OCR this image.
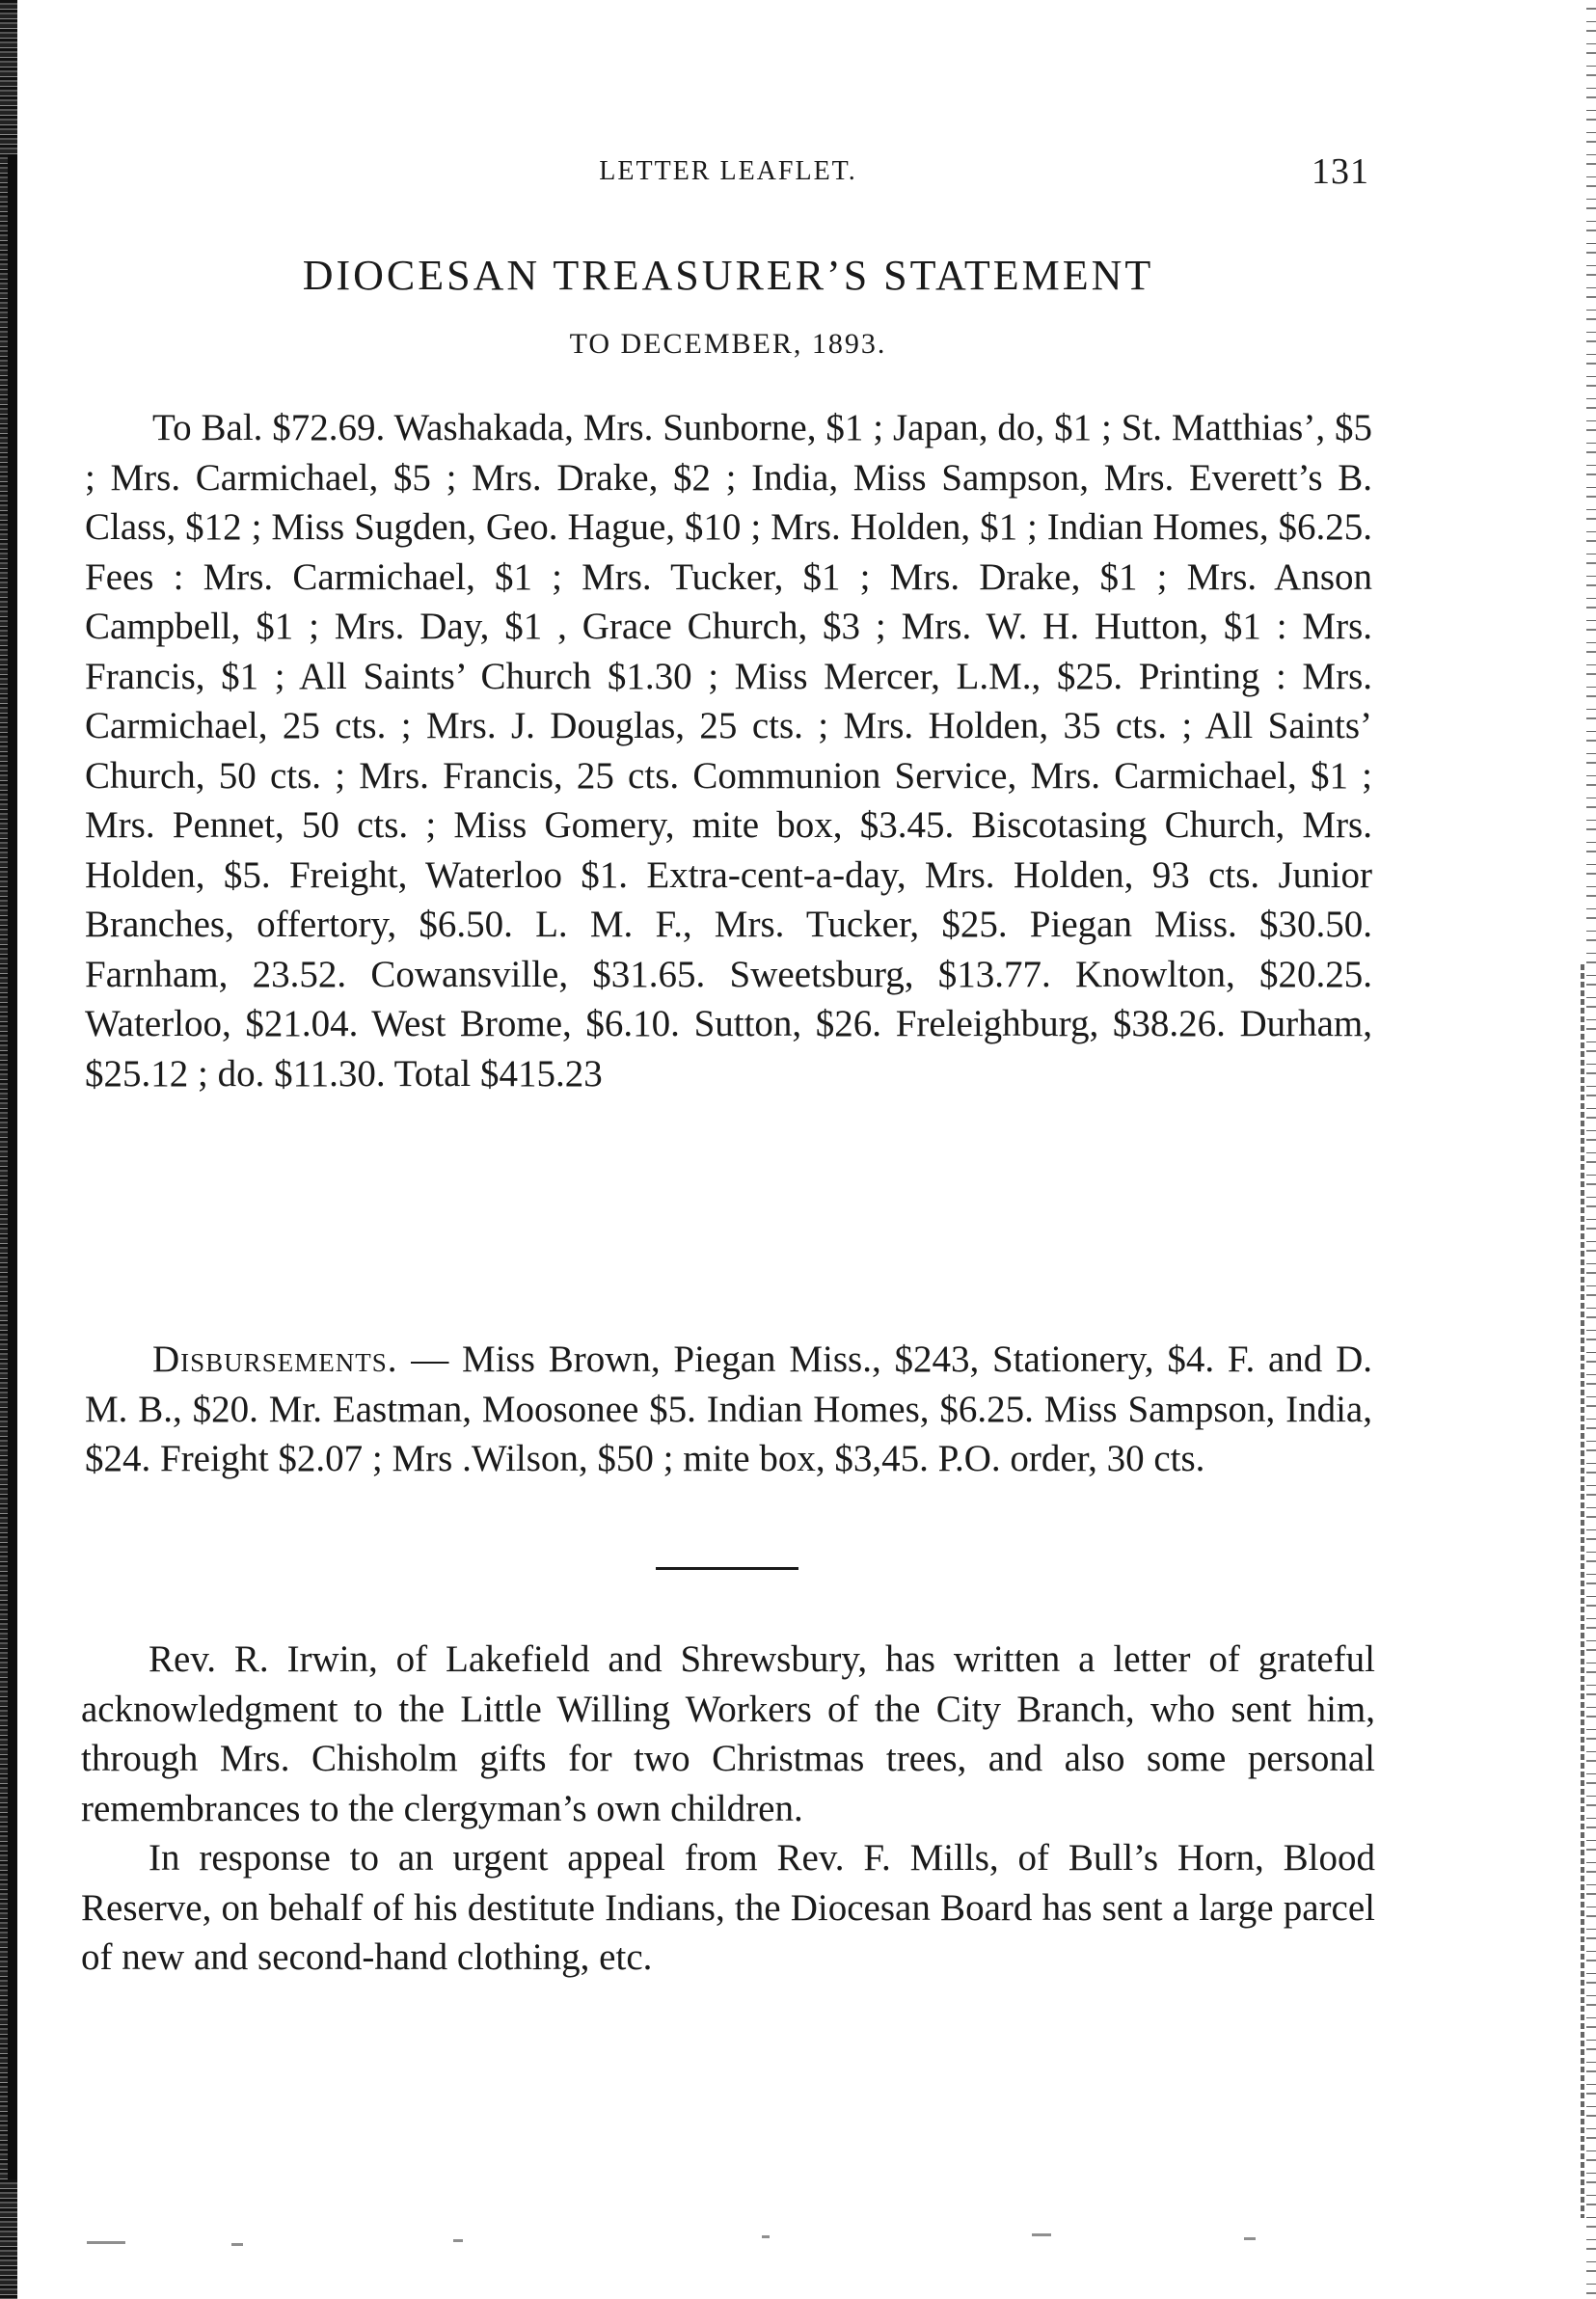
LETTER LEAFLET.	131
DIOCESAN TREASURER’S STATEMENT
TO DECEMBER, 1893.

To Bal. $72.69. Washakada, Mrs. Sunborne, $1 ; Japan, do, $1 ; St. Matthias’, $5 ; Mrs. Carmichael, $5 ; Mrs. Drake, $2 ; India, Miss Sampson, Mrs. Everett’s B. Class, $12 ; Miss Sugden, Geo. Hague, $10 ; Mrs. Holden, $1 ; Indian Homes, $6.25. Fees : Mrs. Carmichael, $1 ; Mrs. Tucker, $1 ; Mrs. Drake, $1 ; Mrs. Anson Campbell, $1 ; Mrs. Day, $1 , Grace Church, $3 ; Mrs. W. H. Hutton, $1 : Mrs. Francis, $1 ; All Saints’ Church $1.30 ; Miss Mercer, L.M., $25. Printing : Mrs. Carmichael, 25 cts. ; Mrs. J. Douglas, 25 cts. ; Mrs. Holden, 35 cts. ; All Saints’ Church, 50 cts. ; Mrs. Francis, 25 cts. Communion Service, Mrs. Carmichael, $1 ; Mrs. Pennet, 50 cts. ; Miss Gomery, mite box, $3.45. Biscotasing Church, Mrs. Holden, $5. Freight, Waterloo $1. Extra-cent-a-day, Mrs. Holden, 93 cts. Junior Branches, offertory, $6.50. L. M. F., Mrs. Tucker, $25. Piegan Miss. $30.50. Farnham, 23.52. Cowansville, $31.65. Sweetsburg, $13.77. Knowlton, $20.25. Waterloo, $21.04. West Brome, $6.10. Sutton, $26. Freleighburg, $38.26. Durham, $25.12 ; do. $11.30. Total $415.23

Disbursements. — Miss Brown, Piegan Miss., $243, Stationery, $4. F. and D. M. B., $20. Mr. Eastman, Moosonee $5. Indian Homes, $6.25. Miss Sampson, India, $24. Freight $2.07 ; Mrs .Wilson, $50 ; mite box, $3,45. P.O. order, 30 cts.

Rev. R. Irwin, of Lakefield and Shrewsbury, has written a letter of grateful acknowledgment to the Little Willing Workers of the City Branch, who sent him, through Mrs. Chisholm gifts for two Christmas trees, and also some personal remembrances to the clergyman’s own children.

In response to an urgent appeal from Rev. F. Mills, of Bull’s Horn, Blood Reserve, on behalf of his destitute Indians, the Diocesan Board has sent a large parcel of new and second-hand clothing, etc.
